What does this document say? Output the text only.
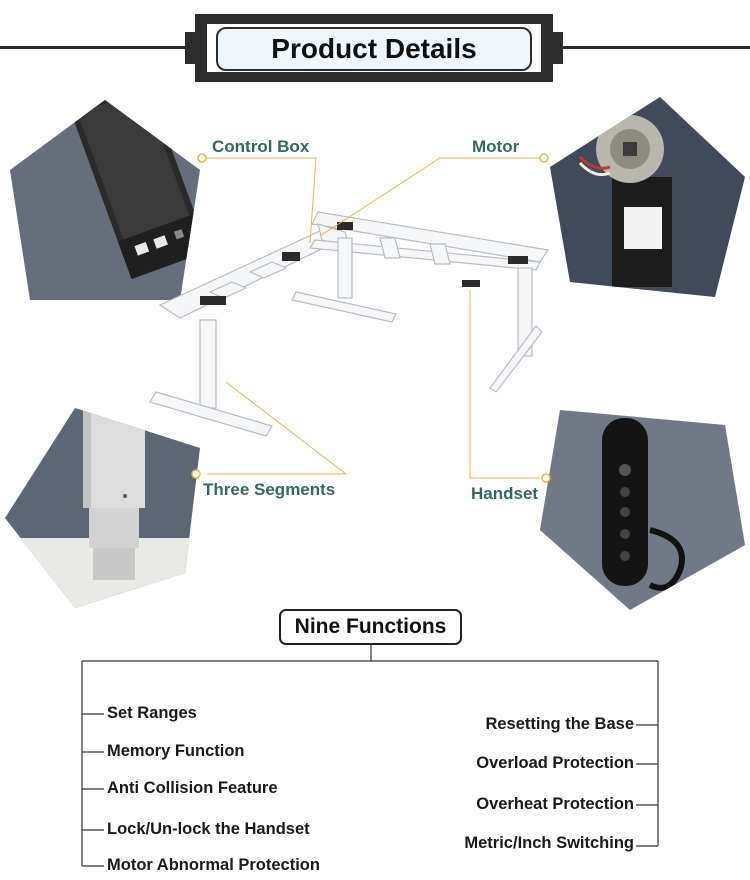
Product Details
Control Box	Motor
Three Segments	Handset
Nine Functions
Set Ranges
Memory Function
Anti Collision Feature
Lock/Un-lock the Handset
Motor Abnormal Protection
Resetting the Base
Overload Protection
Overheat Protection
Metric/Inch Switching
